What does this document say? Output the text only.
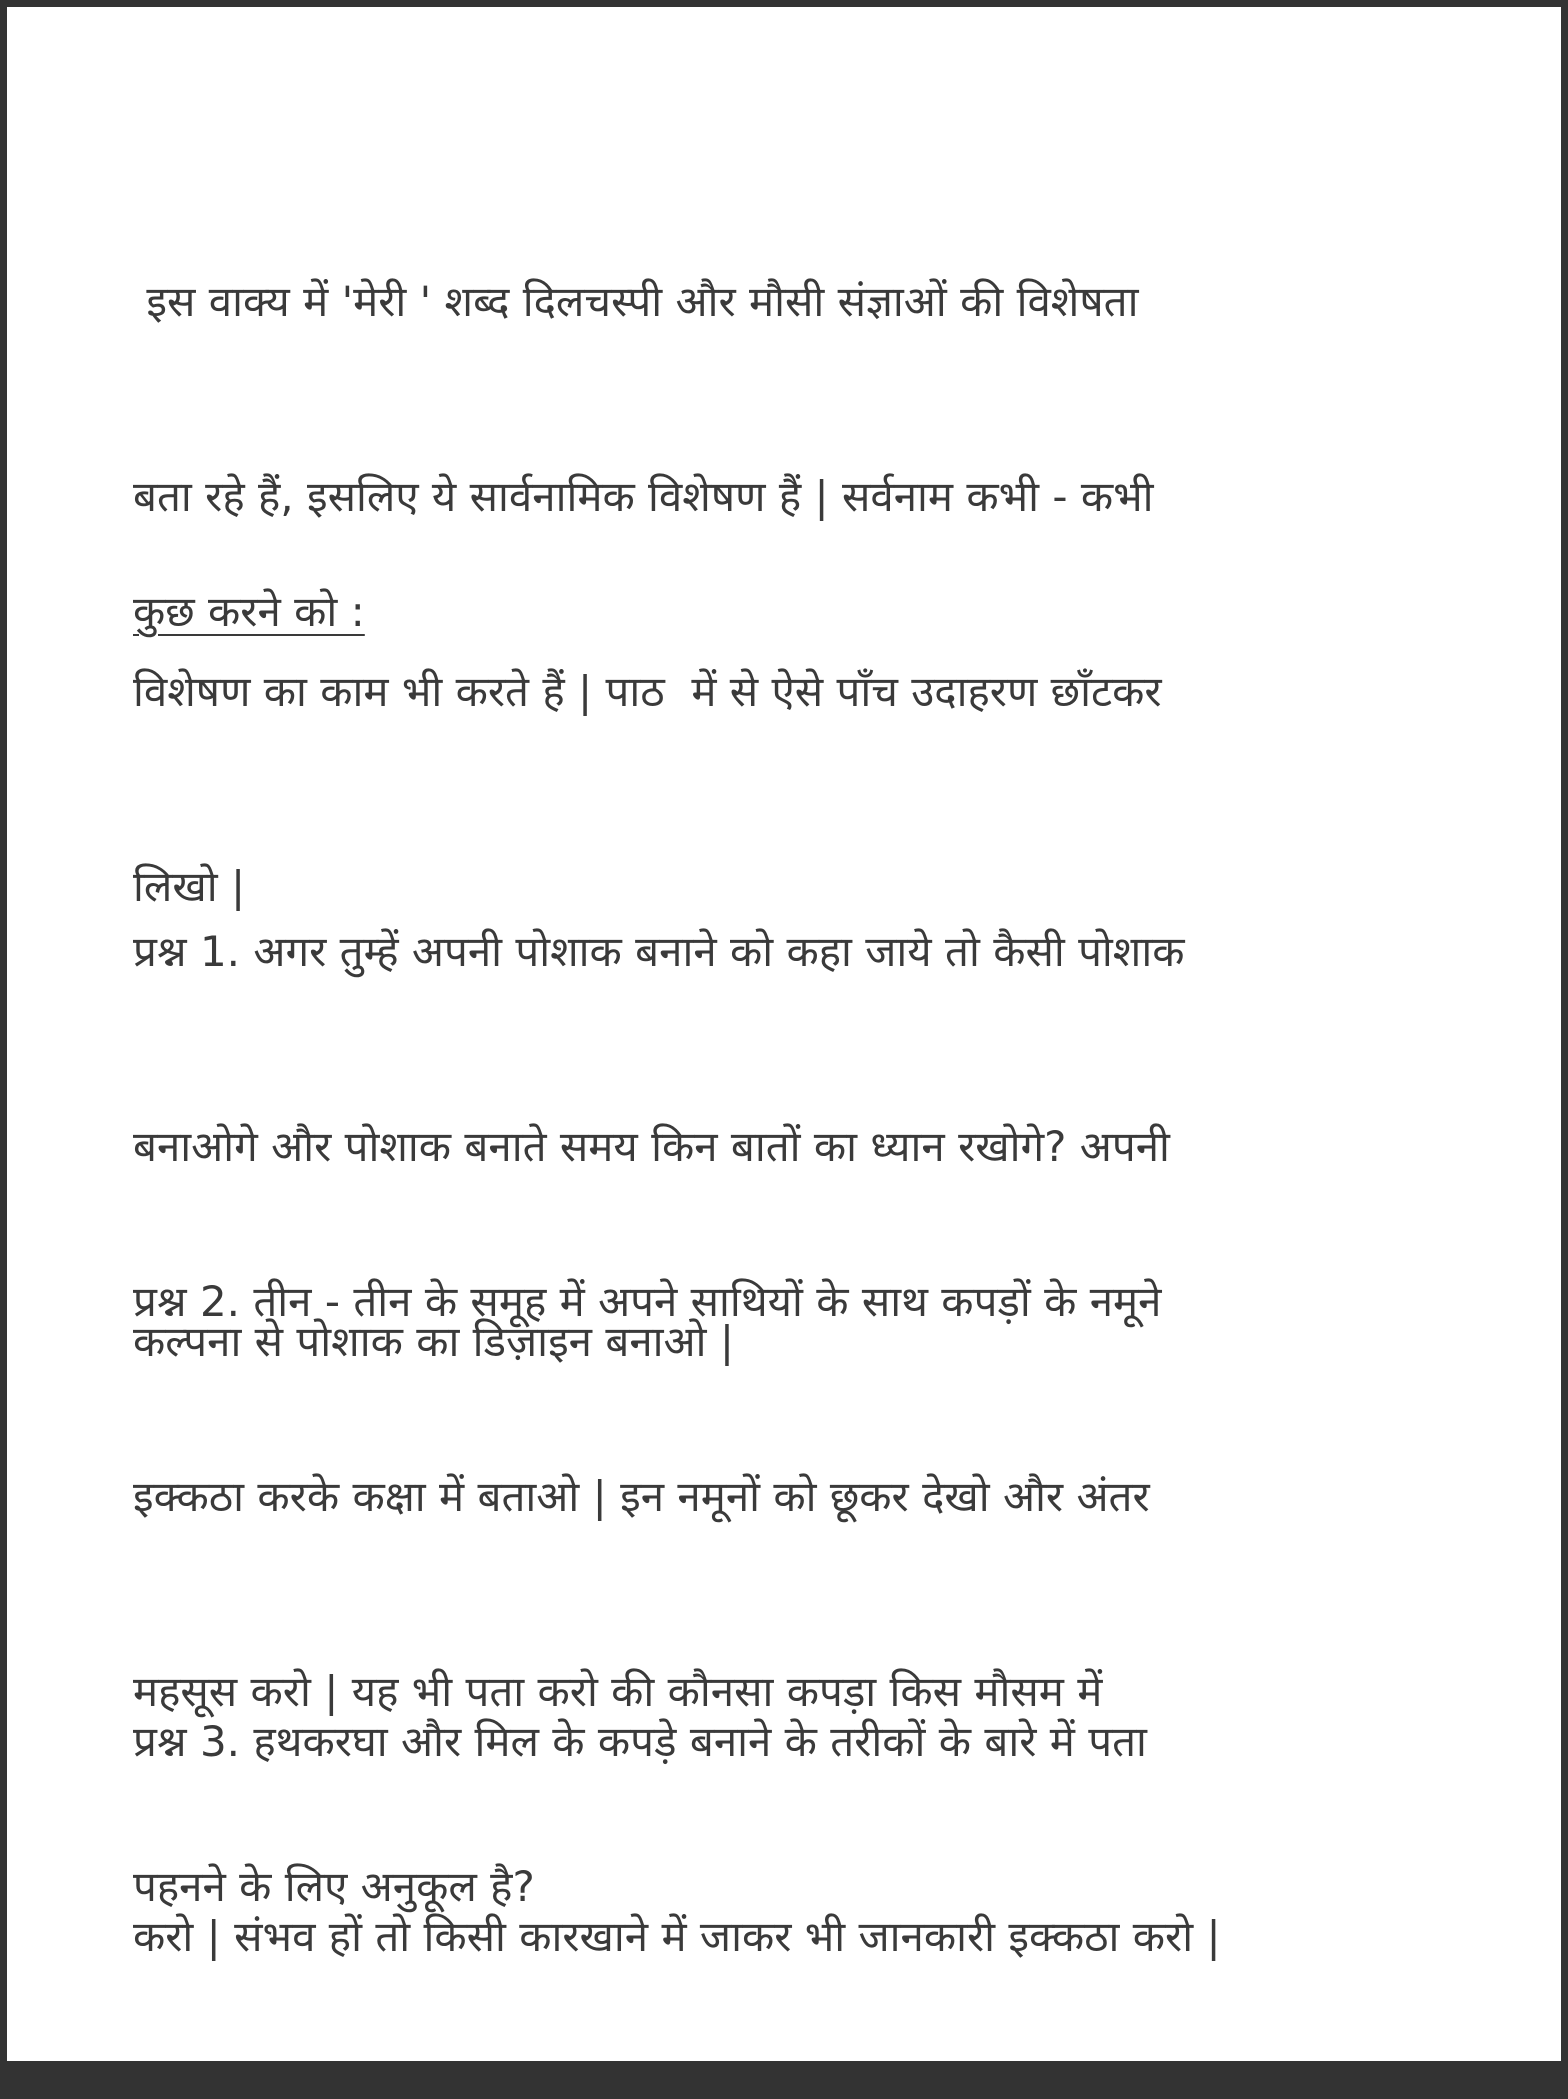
इस वाक्य में 'मेरी ' शब्द दिलचस्पी और मौसी संज्ञाओं की विशेषता

बता रहे हैं, इसलिए ये सार्वनामिक विशेषण हैं | सर्वनाम कभी - कभी

विशेषण का काम भी करते हैं | पाठ  में से ऐसे पाँच उदाहरण छाँटकर

लिखो |

कुछ करने को :

प्रश्न 1. अगर तुम्हें अपनी पोशाक बनाने को कहा जाये तो कैसी पोशाक

बनाओगे और पोशाक बनाते समय किन बातों का ध्यान रखोगे? अपनी

कल्पना से पोशाक का डिज़ाइन बनाओ |

प्रश्न 2. तीन - तीन के समूह में अपने साथियों के साथ कपड़ों के नमूने

इक्कठा करके कक्षा में बताओ | इन नमूनों को छूकर देखो और अंतर

महसूस करो | यह भी पता करो की कौनसा कपड़ा किस मौसम में

पहनने के लिए अनुकूल है?

प्रश्न 3. हथकरघा और मिल के कपड़े बनाने के तरीकों के बारे में पता

करो | संभव हों तो किसी कारखाने में जाकर भी जानकारी इक्कठा करो |
